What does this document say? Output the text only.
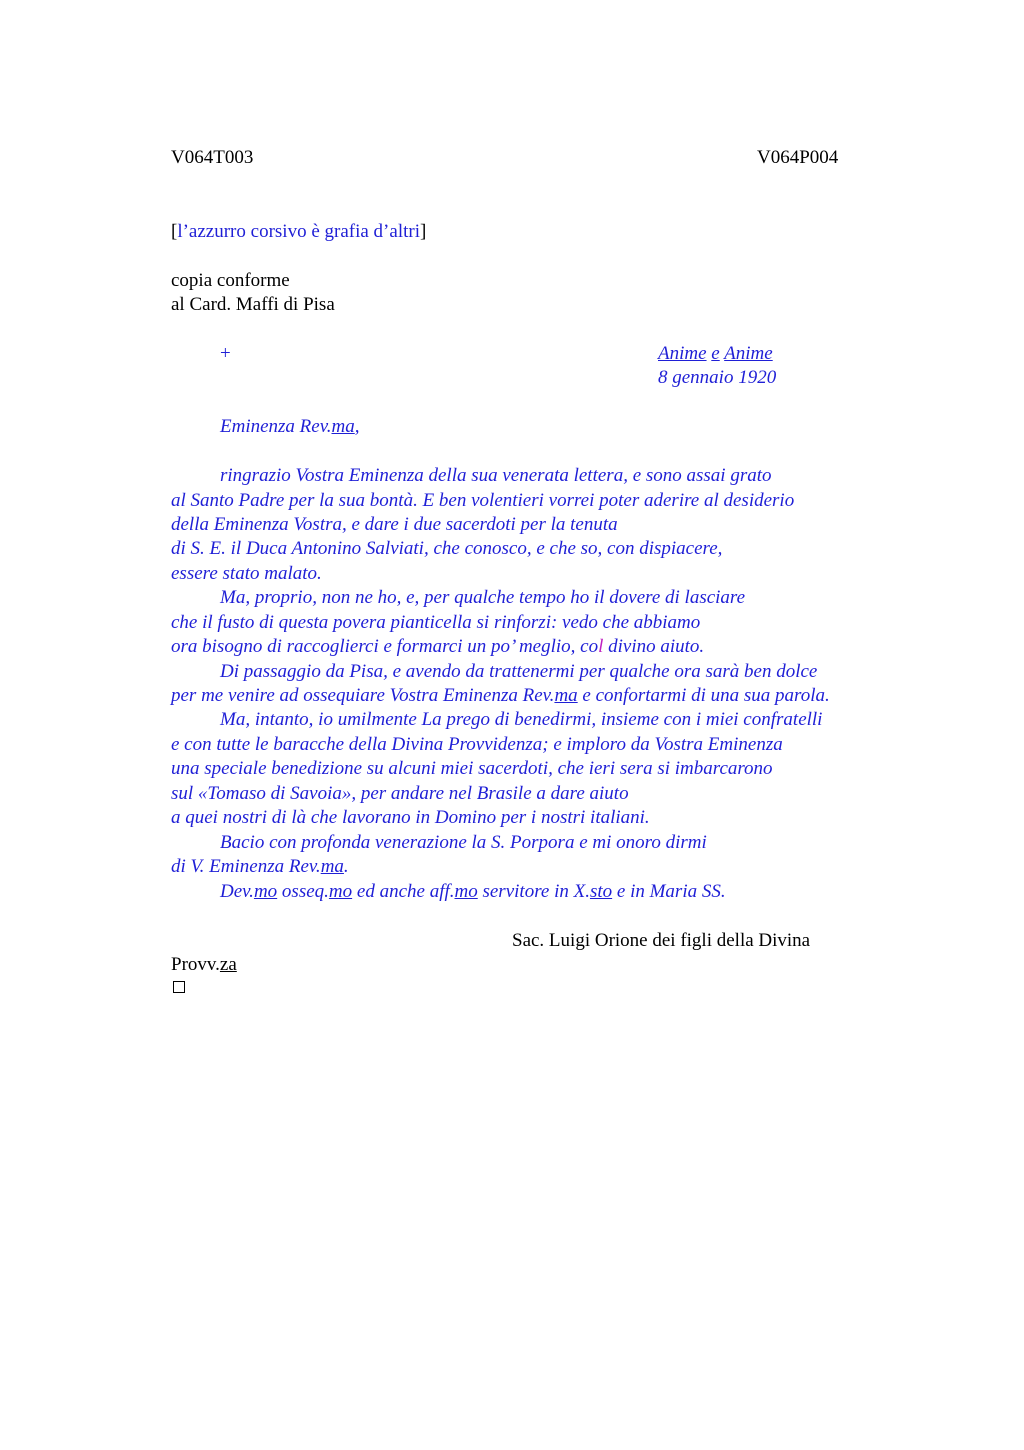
V064T003	V064P004
[l’azzurro corsivo è grafia d’altri]
copia conforme
al Card. Maffi di Pisa
+	Anime e Anime
8 gennaio 1920
Eminenza Rev.ma,
ringrazio Vostra Eminenza della sua venerata lettera, e sono assai grato
al Santo Padre per la sua bontà. E ben volentieri vorrei poter aderire al desiderio
della Eminenza Vostra, e dare i due sacerdoti per la tenuta
di S. E. il Duca Antonino Salviati, che conosco, e che so, con dispiacere,
essere stato malato.
Ma, proprio, non ne ho, e, per qualche tempo ho il dovere di lasciare
che il fusto di questa povera pianticella si rinforzi: vedo che abbiamo
ora bisogno di raccoglierci e formarci un po’ meglio, col divino aiuto.
Di passaggio da Pisa, e avendo da trattenermi per qualche ora sarà ben dolce
per me venire ad ossequiare Vostra Eminenza Rev.ma e confortarmi di una sua parola.
Ma, intanto, io umilmente La prego di benedirmi, insieme con i miei confratelli
e con tutte le baracche della Divina Provvidenza; e imploro da Vostra Eminenza
una speciale benedizione su alcuni miei sacerdoti, che ieri sera si imbarcarono
sul «Tomaso di Savoia», per andare nel Brasile a dare aiuto
a quei nostri di là che lavorano in Domino per i nostri italiani.
Bacio con profonda venerazione la S. Porpora e mi onoro dirmi
di V. Eminenza Rev.ma.
Dev.mo osseq.mo ed anche aff.mo servitore in X.sto e in Maria SS.
Sac. Luigi Orione dei figli della Divina
Provv.za
